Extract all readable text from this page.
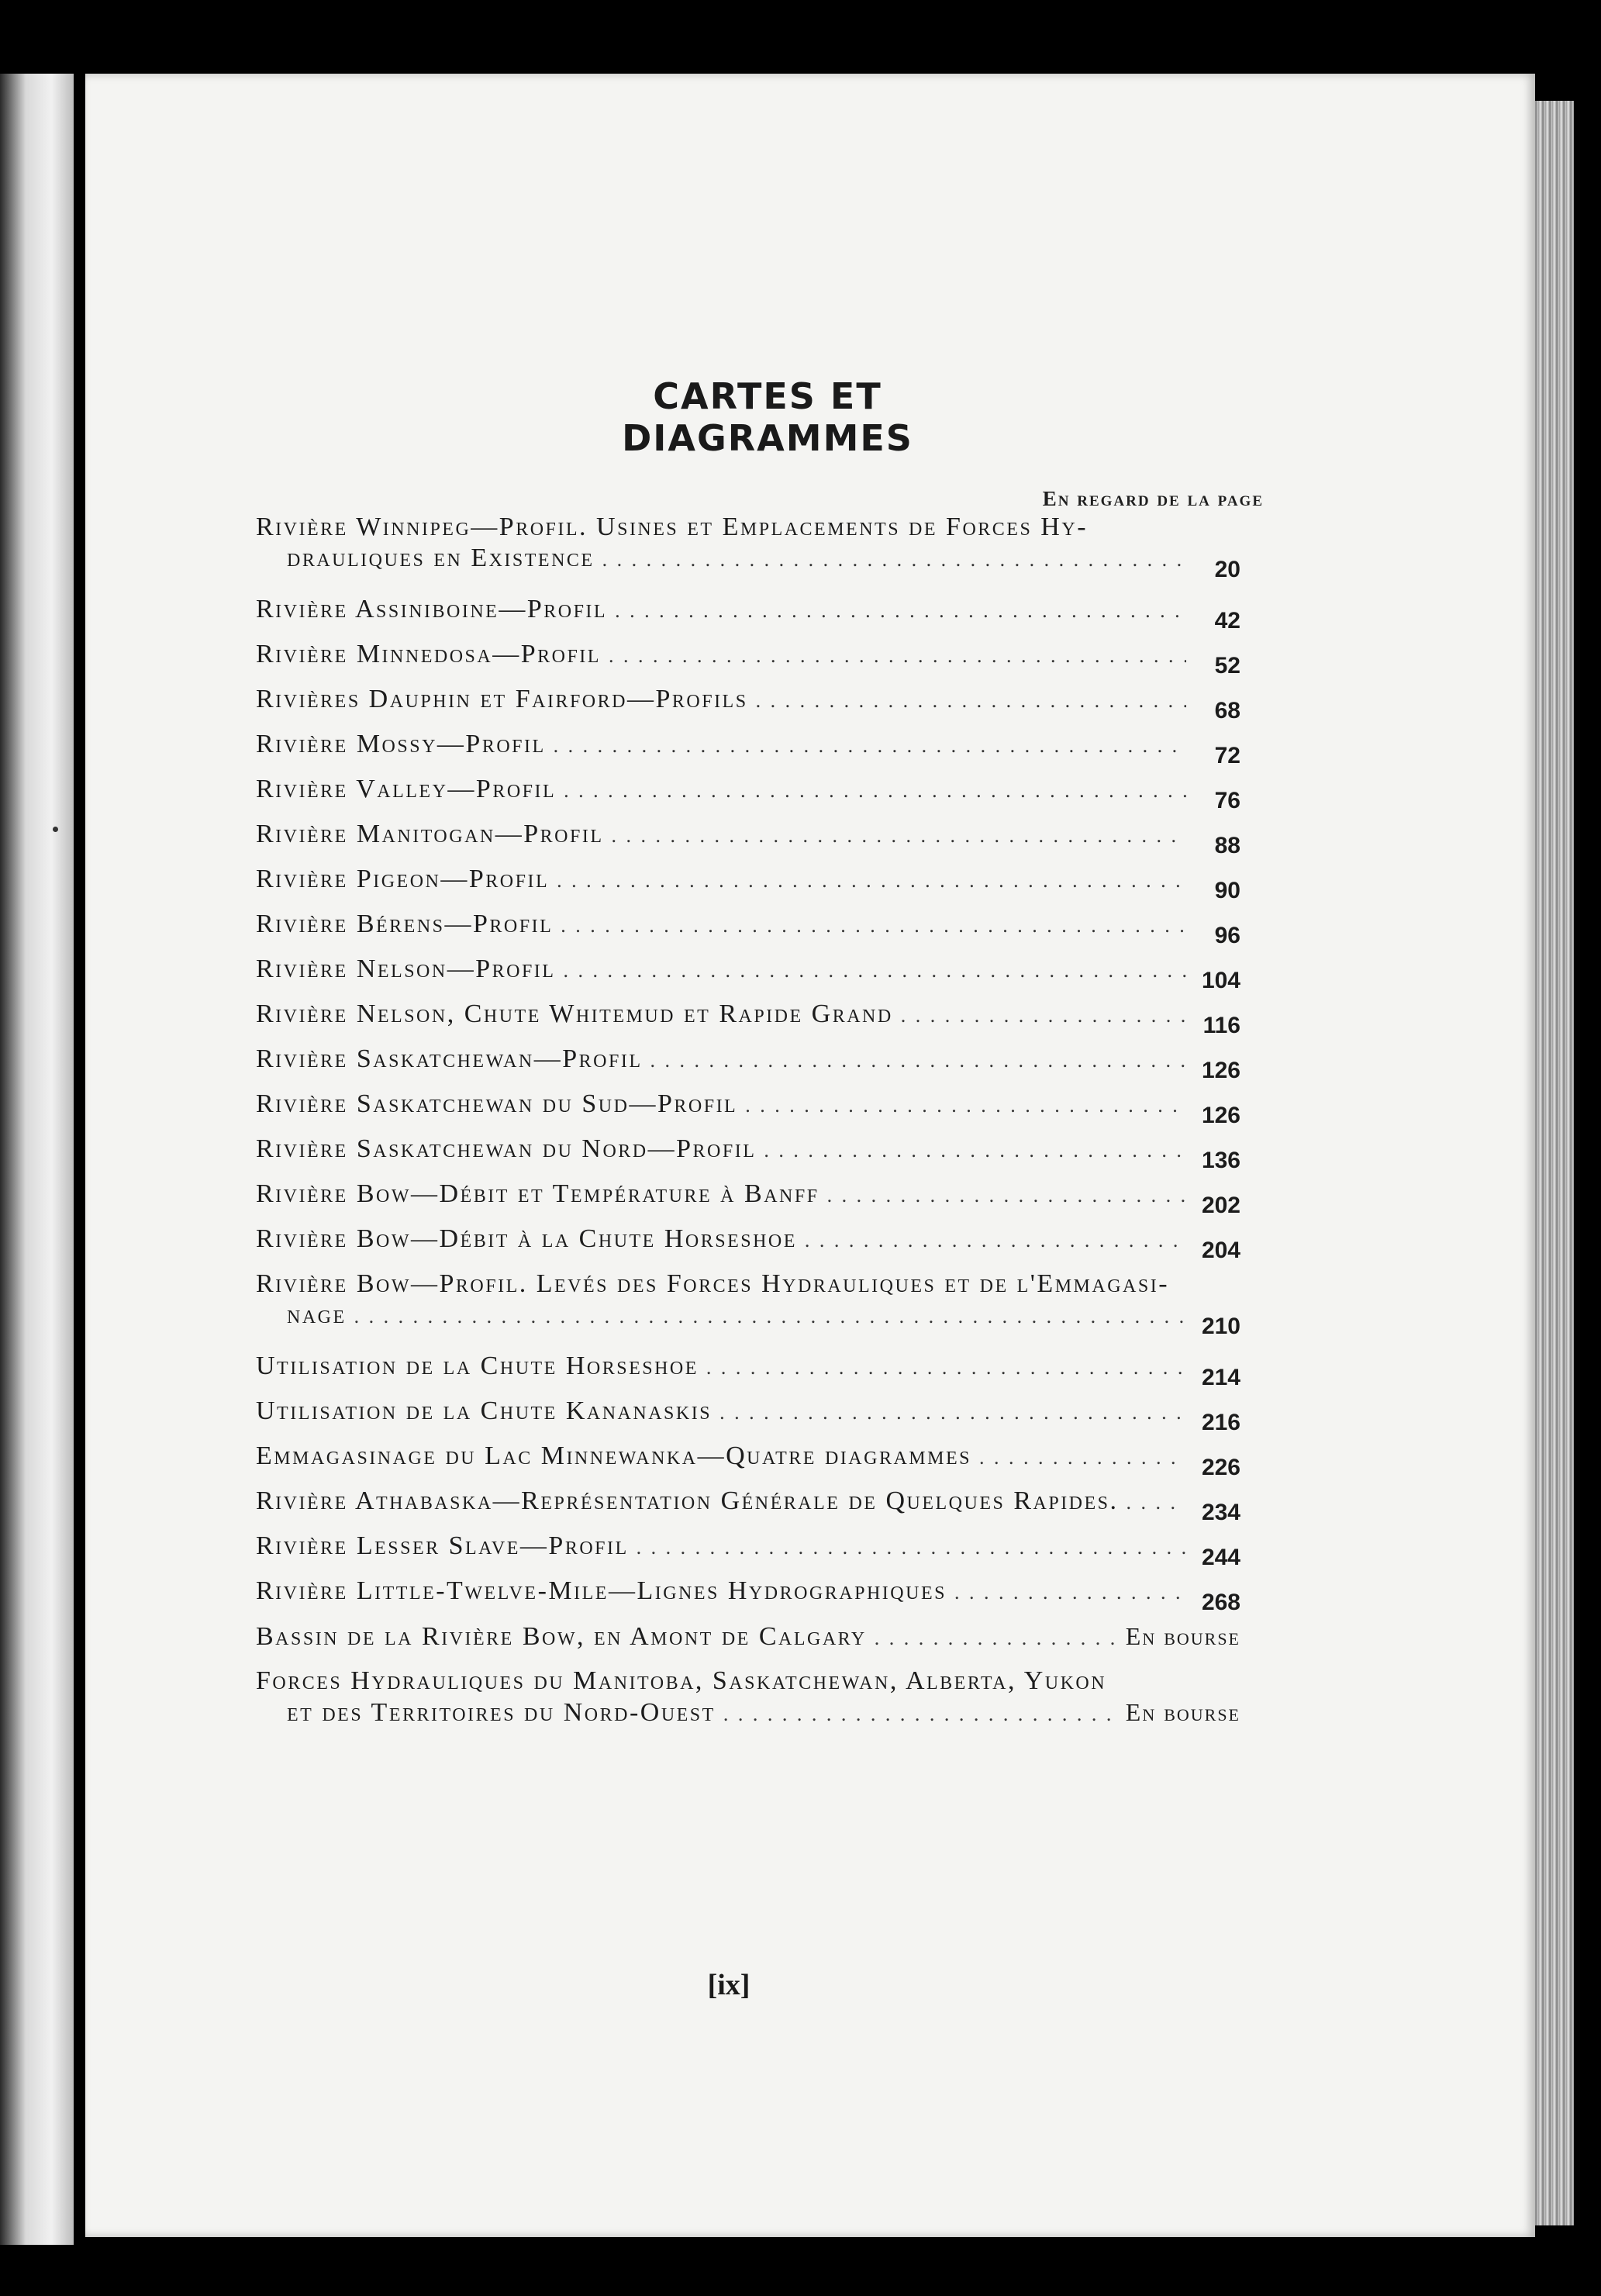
CARTES ET DIAGRAMMES
En regard de la page
Rivière Winnipeg—Profil. Usines et Emplacements de Forces Hy-
drauliques en Existence . . .	20
Rivière Assiniboine—Profil . . .	42
Rivière Minnedosa—Profil . . .	52
Rivières Dauphin et Fairford—Profils . . .	68
Rivière Mossy—Profil . . .	72
Rivière Valley—Profil . . .	76
Rivière Manitogan—Profil . . .	88
Rivière Pigeon—Profil . . .	90
Rivière Bérens—Profil . . .	96
Rivière Nelson—Profil . . .	104
Rivière Nelson, Chute Whitemud et Rapide Grand . . .	116
Rivière Saskatchewan—Profil . . .	126
Rivière Saskatchewan du Sud—Profil . . .	126
Rivière Saskatchewan du Nord—Profil . . .	136
Rivière Bow—Débit et Température à Banff . . .	202
Rivière Bow—Débit à la Chute Horseshoe . . .	204
Rivière Bow—Profil. Levés des Forces Hydrauliques et de l'Emmagasi-
nage . . .	210
Utilisation de la Chute Horseshoe . . .	214
Utilisation de la Chute Kananaskis . . .	216
Emmagasinage du Lac Minnewanka—Quatre diagrammes . . .	226
Rivière Athabaska—Représentation Générale de Quelques Rapides. . . .	234
Rivière Lesser Slave—Profil . . .	244
Rivière Little-Twelve-Mile—Lignes Hydrographiques . . .	268
Bassin de la Rivière Bow, en Amont de Calgary . . .	En bourse
Forces Hydrauliques du Manitoba, Saskatchewan, Alberta, Yukon
et des Territoires du Nord-Ouest . . .	En bourse
[ix]
